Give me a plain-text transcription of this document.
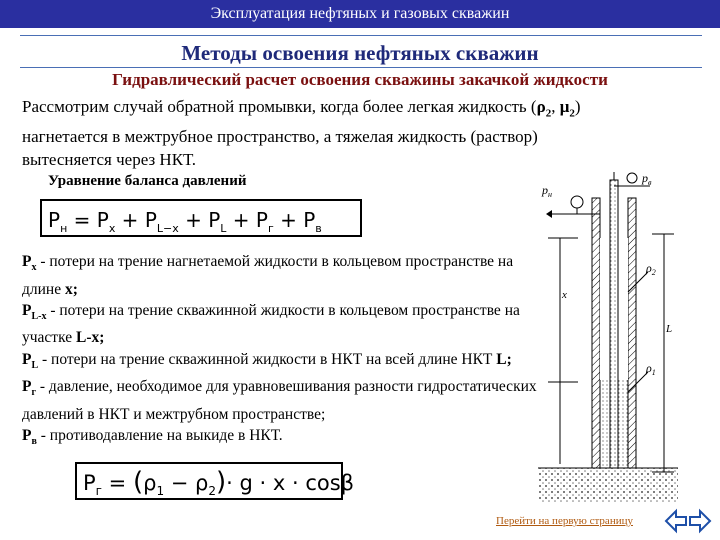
Эксплуатация нефтяных и газовых скважин
Методы освоения нефтяных скважин
Гидравлический расчет освоения скважины закачкой жидкости
Рассмотрим случай обратной промывки, когда более легкая жидкость ($\rho_2$, $\mu_2$)
нагнетается в межтрубное пространство, а тяжелая жидкость (раствор)
вытесняется через НКТ.
Уравнение баланса давлений
$P_н = P_x + P_{L-x} + P_L + P_г + P_в$
$P_x$ - потери на трение нагнетаемой жидкости в кольцевом пространстве на длине x;
$P_{L-x}$ - потери на трение скважинной жидкости в кольцевом пространстве на участке L-x;
$P_L$ - потери на трение скважинной жидкости в НКТ на всей длине НКТ L;
$P_г$ - давление, необходимое для уравновешивания разности гидростатических давлений в НКТ и межтрубном пространстве;
$P_в$ - противодавление на выкиде в НКТ.
$P_г = (\rho_1 - \rho_2)\cdot g \cdot x \cdot \cos\beta$
$p_н$
$p_в$
$\rho_2$
$\rho_1$
x
L
Перейти на первую страницу
